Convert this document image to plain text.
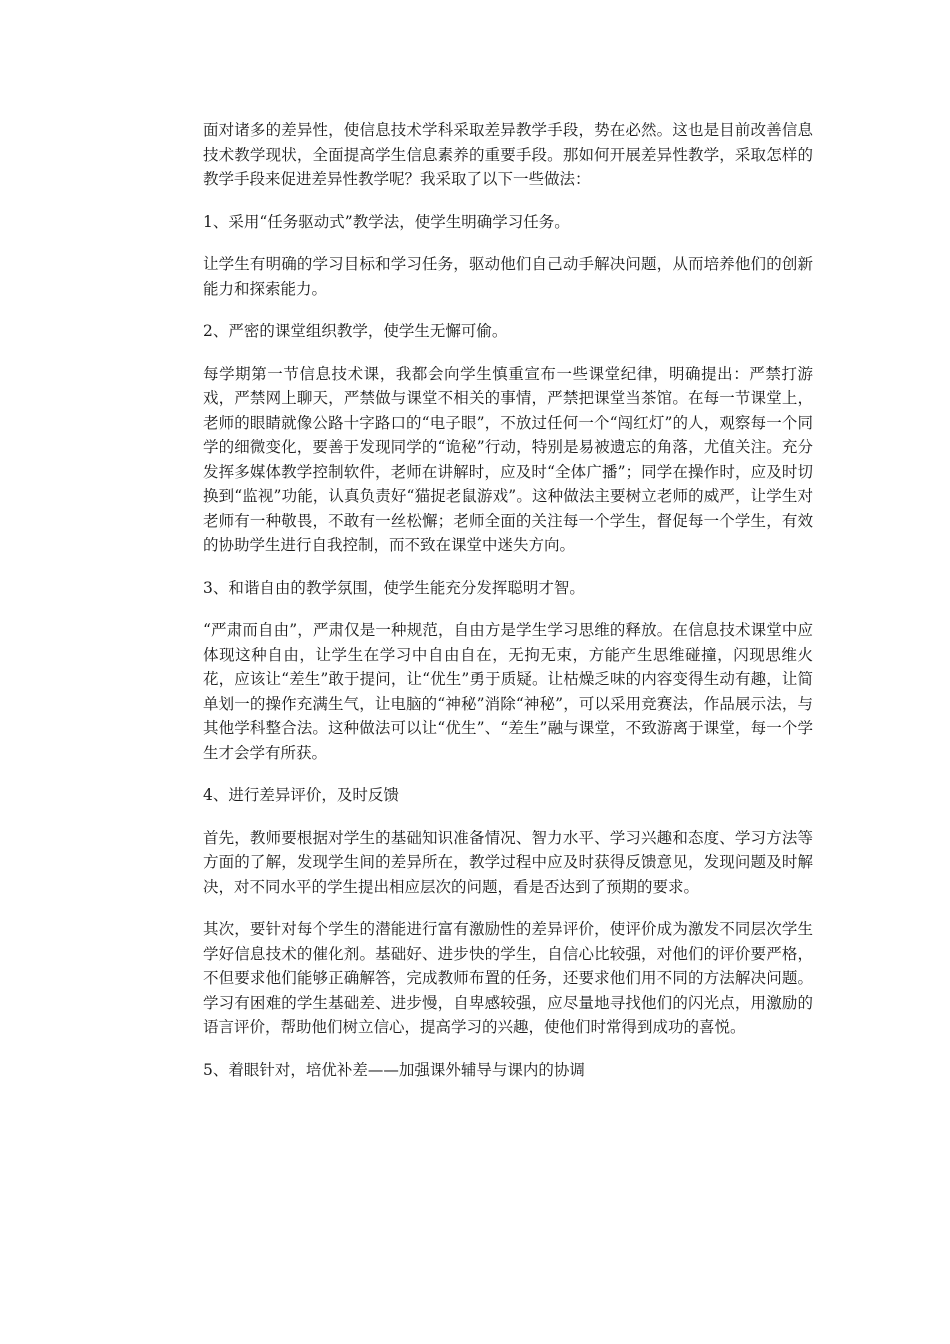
面对诸多的差异性，使信息技术学科采取差异教学手段，势在必然。这也是目前改善信息技术教学现状，全面提高学生信息素养的重要手段。那如何开展差异性教学，采取怎样的教学手段来促进差异性教学呢？我采取了以下一些做法：

1、采用“任务驱动式”教学法，使学生明确学习任务。

让学生有明确的学习目标和学习任务，驱动他们自己动手解决问题，从而培养他们的创新能力和探索能力。

2、严密的课堂组织教学，使学生无懈可偷。

每学期第一节信息技术课，我都会向学生慎重宣布一些课堂纪律，明确提出：严禁打游戏，严禁网上聊天，严禁做与课堂不相关的事情，严禁把课堂当茶馆。在每一节课堂上，老师的眼睛就像公路十字路口的“电子眼”，不放过任何一个“闯红灯”的人，观察每一个同学的细微变化，要善于发现同学的“诡秘”行动，特别是易被遗忘的角落，尤值关注。充分发挥多媒体教学控制软件，老师在讲解时，应及时“全体广播”；同学在操作时，应及时切换到“监视”功能，认真负责好“猫捉老鼠游戏”。这种做法主要树立老师的威严，让学生对老师有一种敬畏，不敢有一丝松懈；老师全面的关注每一个学生，督促每一个学生，有效的协助学生进行自我控制，而不致在课堂中迷失方向。

3、和谐自由的教学氛围，使学生能充分发挥聪明才智。

“严肃而自由”，严肃仅是一种规范，自由方是学生学习思维的释放。在信息技术课堂中应体现这种自由，让学生在学习中自由自在，无拘无束，方能产生思维碰撞，闪现思维火花，应该让“差生”敢于提问，让“优生”勇于质疑。让枯燥乏味的内容变得生动有趣，让简单划一的操作充满生气，让电脑的“神秘”消除“神秘”，可以采用竞赛法，作品展示法，与其他学科整合法。这种做法可以让“优生”、“差生”融与课堂，不致游离于课堂，每一个学生才会学有所获。

4、进行差异评价，及时反馈

首先，教师要根据对学生的基础知识准备情况、智力水平、学习兴趣和态度、学习方法等方面的了解，发现学生间的差异所在，教学过程中应及时获得反馈意见，发现问题及时解决，对不同水平的学生提出相应层次的问题，看是否达到了预期的要求。

其次，要针对每个学生的潜能进行富有激励性的差异评价，使评价成为激发不同层次学生学好信息技术的催化剂。基础好、进步快的学生，自信心比较强，对他们的评价要严格，不但要求他们能够正确解答，完成教师布置的任务，还要求他们用不同的方法解决问题。学习有困难的学生基础差、进步慢，自卑感较强，应尽量地寻找他们的闪光点，用激励的语言评价，帮助他们树立信心，提高学习的兴趣，使他们时常得到成功的喜悦。

5、着眼针对，培优补差——加强课外辅导与课内的协调
